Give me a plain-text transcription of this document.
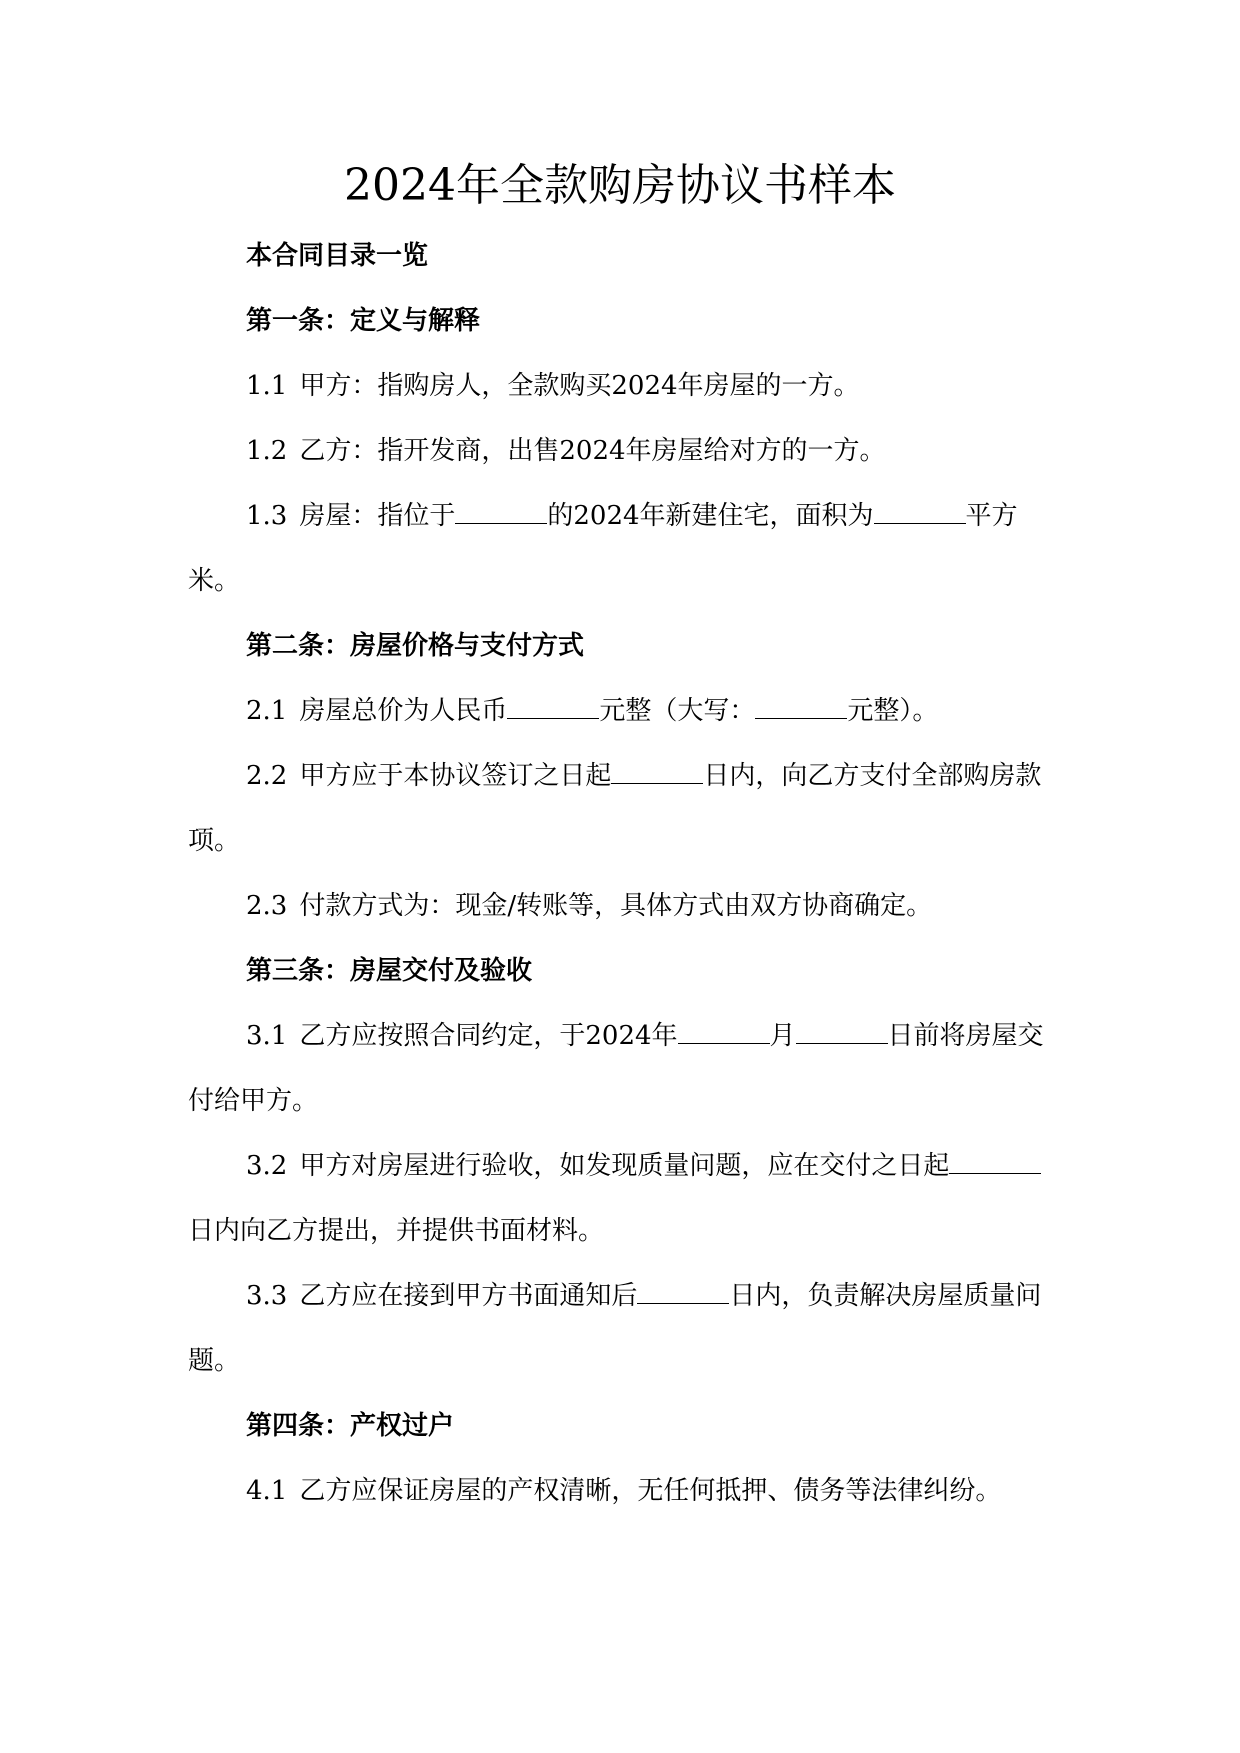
2024年全款购房协议书样本

本合同目录一览

第一条：定义与解释

1.1 甲方：指购房人，全款购买2024年房屋的一方。

1.2 乙方：指开发商，出售2024年房屋给对方的一方。

1.3 房屋：指位于	的2024年新建住宅，面积为	平方米。

第二条：房屋价格与支付方式

2.1 房屋总价为人民币	元整（大写：	元整）。

2.2 甲方应于本协议签订之日起	日内，向乙方支付全部购房款项。

2.3 付款方式为：现金/转账等，具体方式由双方协商确定。

第三条：房屋交付及验收

3.1 乙方应按照合同约定，于2024年	月	日前将房屋交付给甲方。

3.2 甲方对房屋进行验收，如发现质量问题，应在交付之日起日内向乙方提出，并提供书面材料。

3.3 乙方应在接到甲方书面通知后	日内，负责解决房屋质量问题。

第四条：产权过户

4.1 乙方应保证房屋的产权清晰，无任何抵押、债务等法律纠纷。
